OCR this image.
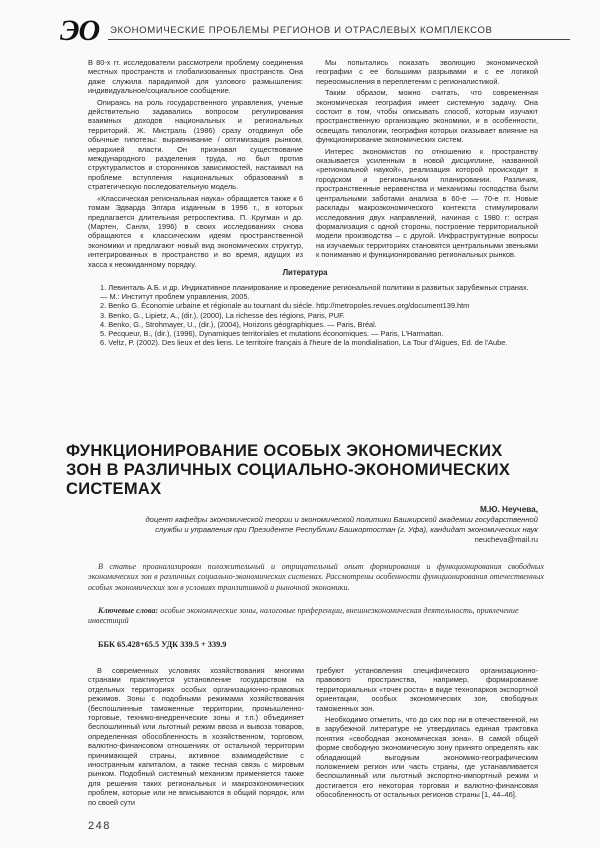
ЭО ЭКОНОМИЧЕСКИЕ ПРОБЛЕМЫ РЕГИОНОВ И ОТРАСЛЕВЫХ КОМПЛЕКСОВ

В 80-х гг. исследователи рассмотрели проблему соединения местных пространств и глобализованных пространств. Она даже служила парадигмой для узлового размышления: индивидуальное/социальное сообщение.

Опираясь на роль государственного управления, ученые действительно задавались вопросом регулирования взаимных доходов национальных и региональных территорий. Ж. Мистраль (1986) сразу отодвинул обе обычные гипотезы: выравнивание / оптимизация рынком, иерархией власти. Он признавал существование международного разделения труда, но был против структуралистов и сторонников зависимостей, настаивал на проблеме вступления национальных образований в стратегическую последовательную модель.

«Классическая региональная наука» обращается также к 6 томам Эдварда Элгара изданным в 1996 г., в которых предлагается длительная ретроспектива. П. Кругман и др. (Мартен, Санли, 1996) в своих исследованиях снова обращаются к классическим идеям пространственной экономики и предлагают новый вид экономических структур, интегрированных в пространство и во время, идущих из хасса к неожиданному порядку.

Мы попытались показать эволюцию экономической географии с ее большими разрывами и с ее логикой переосмысления в переплетении с регионалистикой.

Таким образом, можно считать, что современная экономическая география имеет системную задачу. Она состоит в том, чтобы описывать способ, которым изучают пространственную организацию экономики, и в особенности, освещать типологии, география которых оказывает влияние на функционирование экономических систем.

Интерес экономистов по отношению к пространству оказывается усиленным в новой дисциплине, названной «региональной наукой», реализация которой происходит в городском и региональном планировании. Различия, пространственные неравенства и механизмы господства были центральными заботами анализа в 60-е — 70-е гг. Новые расклады макроэкономического контекста стимулировали исследования двух направлений, начиная с 1980 г: острая формализация с одной стороны, построение территориальной модели производства – с другой. Инфраструктурные вопросы на изучаемых территориях становятся центральными звеньями к пониманию и функционированию региональных рынков.

Литература
1. Левинталь А.Б. и др. Индикативное планирование и проведение региональной политики в развитых зарубежных странах. — М.: Институт проблем управления, 2005.
2. Benko G. Économie urbaine et régionale au tournant du siècle. http://metropoles.revues.org/document139.htm
3. Benko, G., Lipietz, A., (dir.), (2000), La richesse des régions, Paris, PUF.
4. Benko, G., Strohmayer, U., (dir.), (2004), Horizons géographiques. — Paris, Bréal.
5. Pecqueur, B., (dir.), (1996), Dynamiques territoriales et mutations économiques. — Paris, L'Harmattan.
6. Veltz, P. (2002). Des lieux et des liens. Le territoire français à l'heure de la mondialisation, La Tour d'Aigues, Ed. de l'Aube.
ФУНКЦИОНИРОВАНИЕ ОСОБЫХ ЭКОНОМИЧЕСКИХ ЗОН В РАЗЛИЧНЫХ СОЦИАЛЬНО-ЭКОНОМИЧЕСКИХ СИСТЕМАХ
М.Ю. Неучева,
доцент кафедры экономической теории и экономической политики Башкирской академии государственной службы и управления при Президенте Республики Башкортостан (г. Уфа), кандидат экономических наук
neucheva@mail.ru
В статье проанализирован положительный и отрицательный опыт формирования и функционирования свободных экономических зон в различных социально-экономических системах. Рассмотрены особенности функционирования отечественных особых экономических зон в условиях транзитивной и рыночной экономики.
Ключевые слова: особые экономические зоны, налоговые преференции, внешнеэкономическая деятельность, привлечение инвестиций
ББК 65.428+65.5 УДК 339.5 + 339.9

В современных условиях хозяйствования многими странами практикуется установление государством на отдельных территориях особых организационно-правовых режимов. Зоны с подобными режимами хозяйствования (беспошлинные таможенные территории, промышленно-торговые, технико-внедренческие зоны и т.п.) объединяет беспошлинный или льготный режим ввоза и вывоза товаров, определенная обособленность в хозяйственном, торговом, валютно-финансовом отношениях от остальной территории принимающей страны, активное взаимодействие с иностранным капиталом, а также тесная связь с мировым рынком. Подобный системный механизм применяется также для решения таких региональных и макроэкономических проблем, которые или не вписываются в общий порядок, или по своей сути

требуют установления специфического организационно-правового пространства, например, формирование территориальных «точек роста» в виде технопарков экспортной ориентации, особых экономических зон, свободных таможенных зон.

Необходимо отметить, что до сих пор ни в отечественной, ни в зарубежной литературе не утвердилась единая трактовка понятия «свободная экономическая зона». В самой общей форме свободную экономическую зону принято определять как обладающий выгодным экономико-географическим положением регион или часть страны, где устанавливается беспошлинный или льготный экспортно-импортный режим и достигается его некоторая торговая и валютно-финансовая обособленность от остальных регионов страны [1, 44–46].

248
